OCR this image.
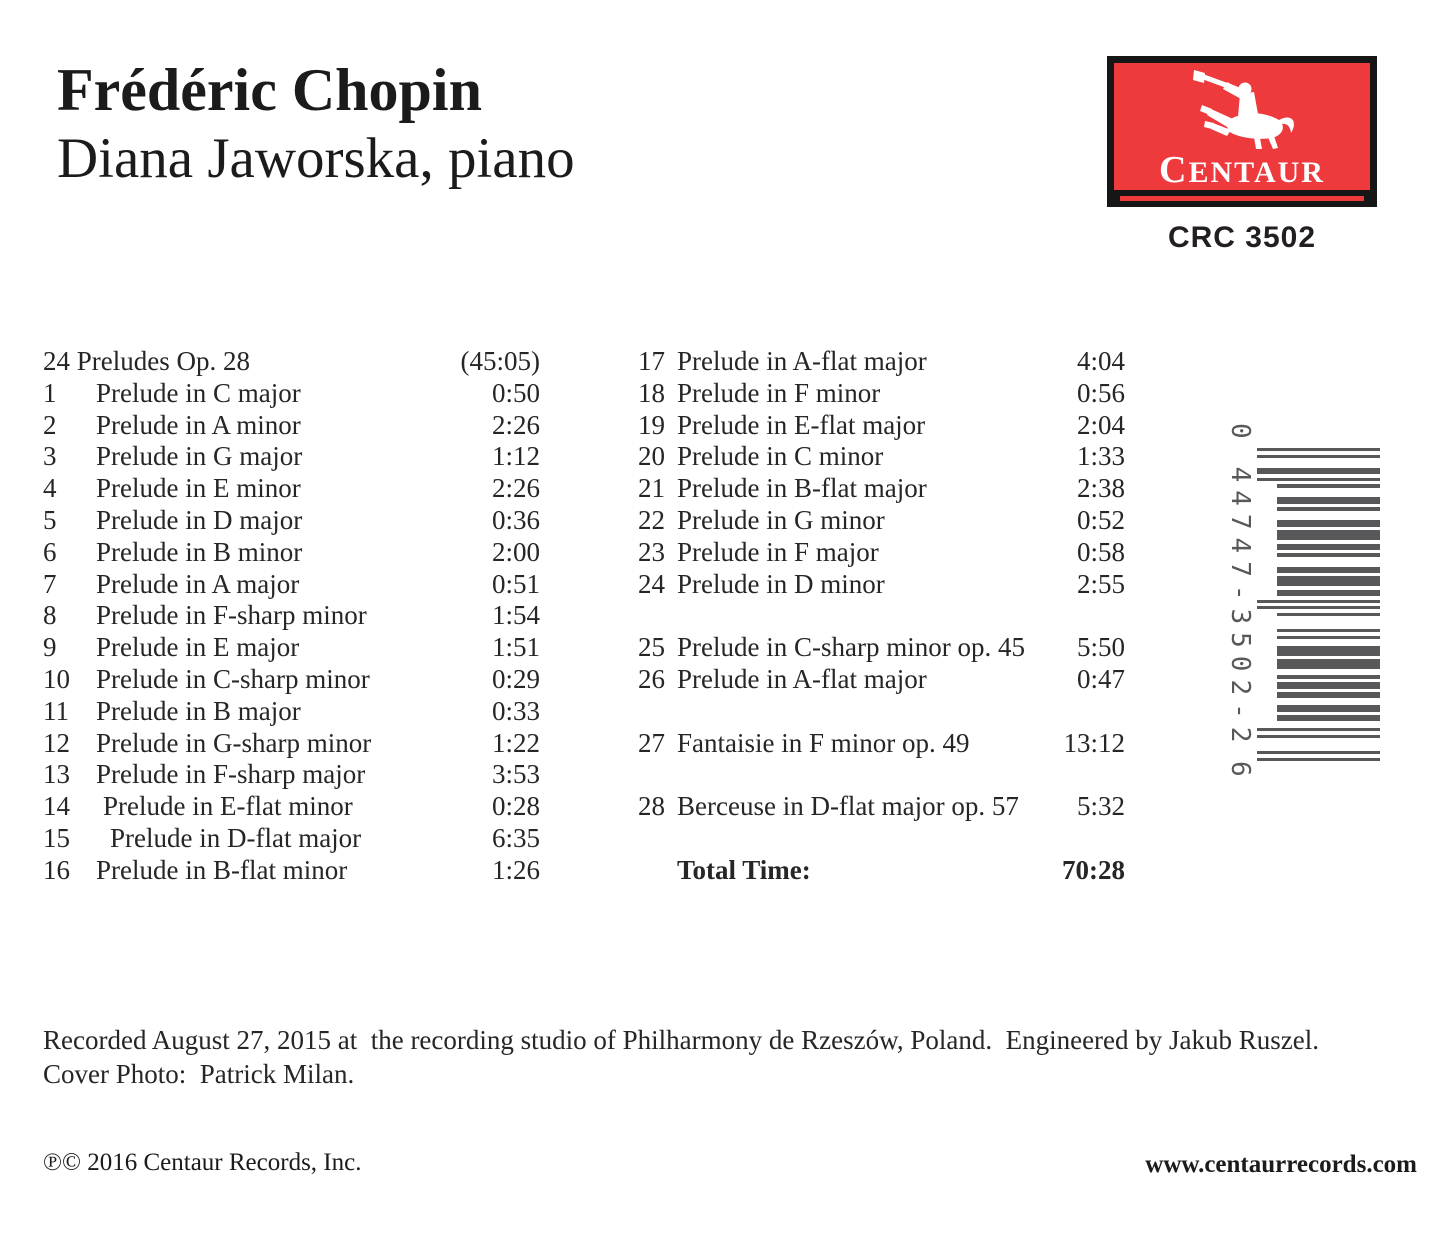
Frédéric Chopin
Diana Jaworska, piano	CENTAUR
CRC 3502
24 Preludes Op. 28	(45:05)
1	Prelude in C major	0:50
2	Prelude in A minor	2:26
3	Prelude in G major	1:12
4	Prelude in E minor	2:26
5	Prelude in D major	0:36
6	Prelude in B minor	2:00
7	Prelude in A major	0:51
8	Prelude in F-sharp minor	1:54
9	Prelude in E major	1:51
10 Prelude in C-sharp minor	0:29
11	Prelude in B major	0:33
12 Prelude in G-sharp minor	1:22
13 Prelude in F-sharp major	3:53
14	Prelude in E-flat minor	0:28
15	Prelude in D-flat major	6:35
16 Prelude in B-flat minor	1:26
17 Prelude in A-flat major	4:04
18 Prelude in F minor	0:56
19 Prelude in E-flat major	2:04
20 Prelude in C minor	1:33
21 Prelude in B-flat major	2:38
22 Prelude in G minor	0:52
23 Prelude in F major	0:58
24 Prelude in D minor	2:55
25 Prelude in C-sharp minor op. 45	5:50
26 Prelude in A-flat major	0:47
27 Fantaisie in F minor op. 49	13:12
28 Berceuse in D-flat major op. 57	5:32
Total Time:	70:28
0
44747-3502-2
6
Recorded August 27, 2015 at  the recording studio of Philharmony de Rzeszów, Poland.  Engineered by Jakub Ruszel.
Cover Photo:  Patrick Milan.
℗© 2016 Centaur Records, Inc.	www.centaurrecords.com
